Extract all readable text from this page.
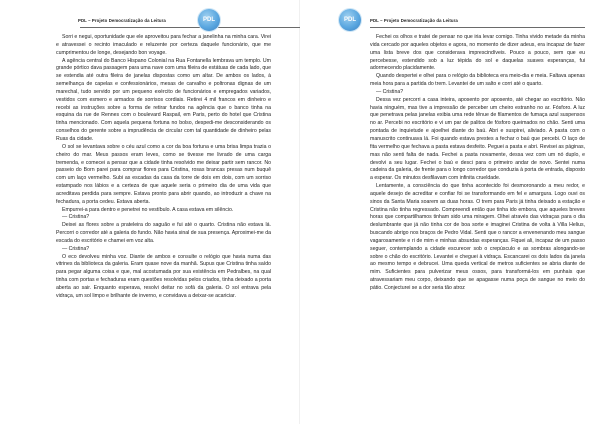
PDL – Projeto Democratização da Leitura	PDL	PDL – Projeto Democratização da Leitura
PDL

Sorri e negui, oportunidade que ele aproveitou para fechar a janelinha na minha cara. Virei e atravessei o recinto imaculado e reluzente por certeza daquele funcionário, que me cumprimentou de longe, desejando bon voyage.

A agência central do Banco Hispano Colonial na Rua Fontanella lembrava um templo. Um grande pórtico dava passagem para uma nave com uma fileira de estátuas de cada lado, que se estendia até outra fileira de janelas dispostas como um altar. De ambos os lados, à semelhança de capelas e confessionários, mesas de carvalho e poltronas dignas de um marechal, tudo servido por um pequeno exército de funcionários e empregados variados, vestidos com esmero e armados de sorrisos cordiais. Retirei 4 mil francos em dinheiro e recebi as instruções sobre a forma de retirar fundos na agência que o banco tinha na esquina da rue de Rennes com o boulevard Raspail, em Paris, perto do hotel que Cristina tinha mencionado. Com aquela pequena fortuna no bolso, despedi-me desconsiderando os conselhos do gerente sobre a imprudência de circular com tal quantidade de dinheiro pelas Ruas da cidade.

O sol se levantava sobre o céu azul como a cor da boa fortuna e uma brisa limpa trazia o cheiro do mar. Meus passos eram leves, como se tivesse me livrado de uma carga tremenda, e comecei a pensar que a cidade tinha resolvido me deixar partir sem rancor. No passeio do Born parei para comprar flores para Cristina, rosas brancas presas num buquê com um laço vermelho. Subi as escadas da casa da torre de dois em dois, com um sorriso estampado nos lábios e a certeza de que aquele seria o primeiro dia de uma vida que acreditava perdida para sempre. Estava pronto para abrir quando, ao introduzir a chave na fechadura, a porta cedeu. Estava aberta.

Empurrei-a para dentro e penetrei no vestíbulo. A casa estava em silêncio.

— Cristina?

Deixei as flores sobre a prateleira do saguão e fui até o quarto. Cristina não estava lá. Percorri o corredor até a galeria do fundo. Não havia sinal de sua presença. Aproximei-me da escada do escritório e chamei em voz alta.

— Cristina?

O eco devolveu minha voz. Diante de ambos e consulte o relógio que havia numa das vitrines da biblioteca da galeria. Eram quase nove da manhã. Supus que Cristina tinha saído para pegar alguma coisa e que, mal acostumada por sua existência em Pedralbes, na qual tinha com portas e fechaduras eram questões resolvidas pelos criados, tinha deixado a porta aberta ao sair. Enquanto esperava, resolvi deitar no sofá da galeria. O sol entrava pela vidraça, um sol limpo e brilhante de inverno, e convidava a deixar-se acariciar.

Fechei os olhos e tratei de pensar no que iria levar comigo. Tinha vivido metade da minha vida cercado por aqueles objetos e agora, no momento de dizer adeus, era incapaz de fazer uma lista breve dos que considerava imprescindíveis. Pouco a pouco, sem que eu percebesse, estendido sob a luz tépida do sol e daquelas suaves esperanças, fui adormecendo placidamente.

Quando despertei e olhei para o relógio da biblioteca era meio-dia e meia. Faltava apenas meia hora para a partida do trem. Levantei de um salto e corri até o quarto.

— Cristina?

Dessa vez percorri a casa inteira, aposento por aposento, até chegar ao escritório. Não havia ninguém, mas tive a impressão de perceber um cheiro estranho no ar. Fósforo. A luz que penetrava pelas janelas exibia uma rede tênue de filamentos de fumaça azul suspensos no ar. Percebi no escritório e vi um par de palitos de fósforo queimados no chão. Senti uma pontada de inquietude e ajoelhei diante do baú. Abri e suspirei, aliviado. A pasta com o manuscrito continuava lá. Foi quando estava prestes a fechar o baú que percebi. O laço de fita vermelho que fechava a pasta estava desfeito. Peguei a pasta e abri. Revisei as páginas, mas não senti falta de nada. Fechei a pasta novamente, dessa vez com um nó duplo, e devolvi a seu lugar. Fechei o baú e desci para o primeiro andar de novo. Sentei numa cadeira da galeria, de frente para o longo corredor que conduzia à porta de entrada, disposto a esperar. Os minutos desfilavam com infinita crueldade.

Lentamente, a consciência do que tinha acontecido foi desmoronando a meu redor, e aquele desejo de acreditar e confiar foi se transformando em fel e amargura. Logo ouvi os sinos da Santa Maria soarem as duas horas. O trem para Paris já tinha deixado a estação e Cristina não tinha regressado. Compreendi então que tinha ido embora, que aqueles breves horas que compartilhamos tinham sido uma miragem. Olhei através das vidraças para o dia deslumbrante que já não tinha cor de boa sorte e imaginei Cristina de volta à Villa Helius, buscando abrigo nos braços de Pedro Vidal. Senti que o rancor a envenenando meu sangue vagarosamente e ri de mim e minhas absurdas esperanças. Fiquei ali, incapaz de um passo seguer, contemplando a cidade escurecer sob o crepúsculo e as sombras alongando-se sobre o chão do escritório. Levantei e cheguei à vidraça. Escancarei os dois lados da janela ao mesmo tempo e debrucei. Uma queda vertical de metros suficientes se abria diante de mim. Suficientes para pulverizar meus ossos, para transformá-los em punhais que atravessariam meu corpo, deixando que se apagasse numa poça de sangue no meio do pátio. Conjecturei se a dor seria tão atroz
